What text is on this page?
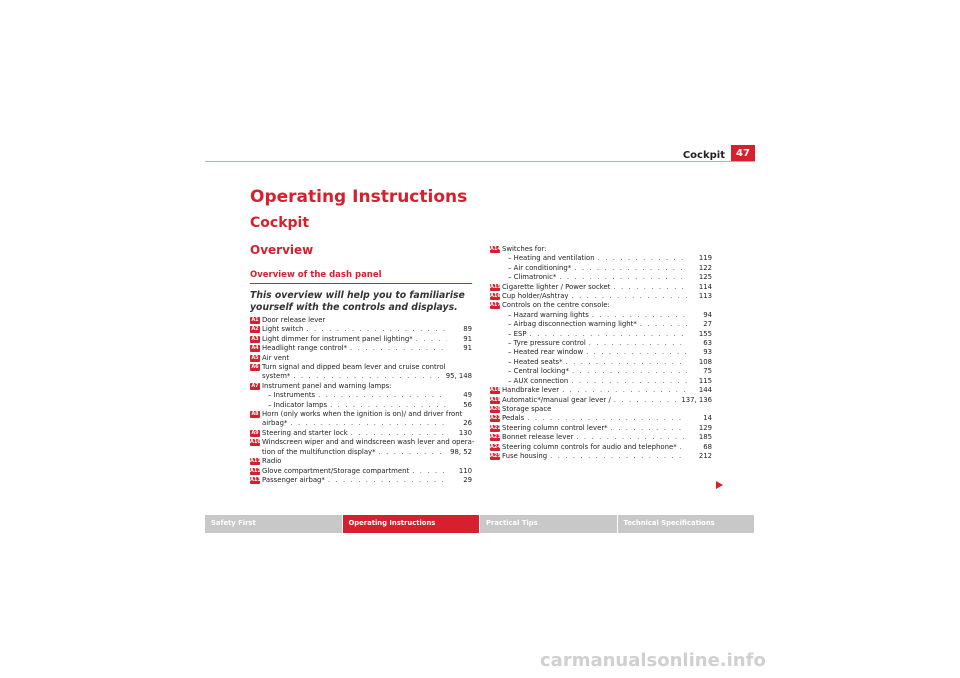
Cockpit	47
Operating Instructions
Cockpit
Overview
Overview of the dash panel
This overview will help you to familiarise yourself with the controls and displays.
A1 Door release lever
A2 Light switch . . .	89
A3 Light dimmer for instrument panel lighting* . . .	91
A4 Headlight range control* . . .	91
A5 Air vent
A6 Turn signal and dipped beam lever and cruise control
system* . . .	95, 148
A7 Instrument panel and warning lamps:
– Instruments . . .	49
– Indicator lamps . . .	56
A8 Horn (only works when the ignition is on)/ and driver front
airbag* . . .	26
A9 Steering and starter lock . . .	130
A10 Windscreen wiper and and windscreen wash lever and opera-
tion of the multifunction display* . . .	98, 52
A11 Radio
A12 Glove compartment/Storage compartment . . .	110
A13 Passenger airbag* . . .	29
A14 Switches for:
– Heating and ventilation . . .	119
– Air conditioning* . . .	122
– Climatronic* . . .	125
A15 Cigarette lighter / Power socket . . .	114
A16 Cup holder/Ashtray . . .	113
A17 Controls on the centre console:
– Hazard warning lights . . .	94
– Airbag disconnection warning light* . . .	27
– ESP . . .	155
– Tyre pressure control . . .	63
– Heated rear window . . .	93
– Heated seats* . . .	108
– Central locking* . . .	75
– AUX connection . . .	115
A18 Handbrake lever . . .	144
A19 Automatic*/manual gear lever / . . .	137, 136
A20 Storage space
A21 Pedals . . .	14
A22 Steering column control lever* . . .	129
A23 Bonnet release lever . . .	185
A24 Steering column controls for audio and telephone* . . .	68
A25 Fuse housing . . .	212
Safety First	Operating Instructions	Practical Tips	Technical Specifications
carmanualsonline.info
